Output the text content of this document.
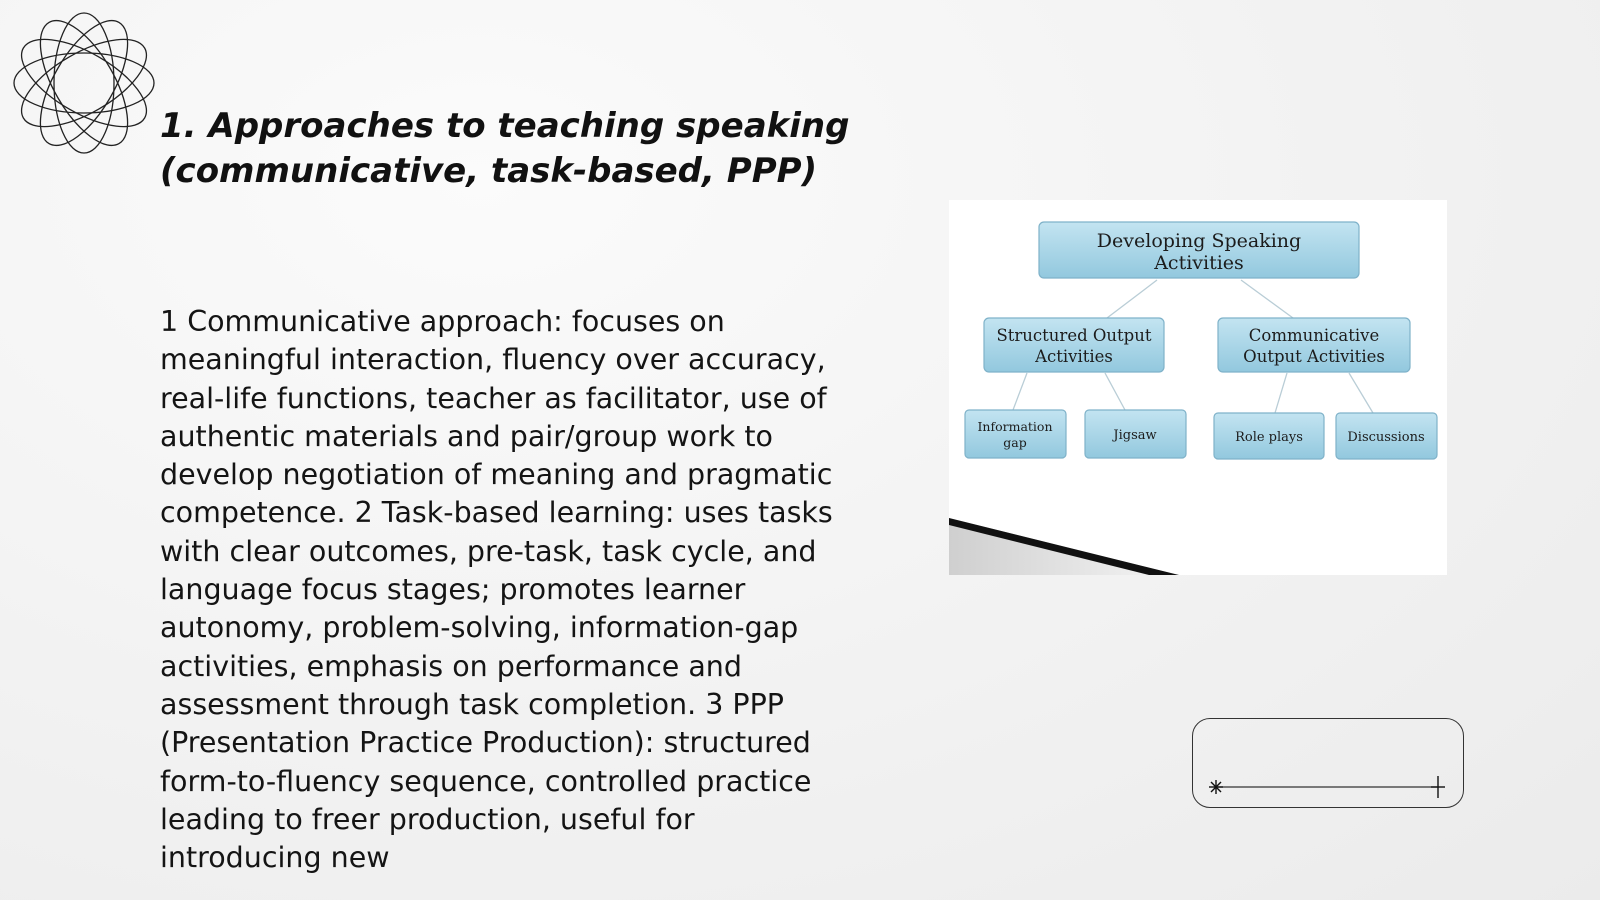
1. Approaches to teaching speaking
(communicative, task-based, PPP)

1 Communicative approach: focuses on meaningful interaction, fluency over accuracy, real-life functions, teacher as facilitator, use of authentic materials and pair/group work to develop negotiation of meaning and pragmatic competence. 2 Task-based learning: uses tasks with clear outcomes, pre-task, task cycle, and language focus stages; promotes learner autonomy, problem-solving, information-gap activities, emphasis on performance and assessment through task completion. 3 PPP (Presentation Practice Production): structured form-to-fluency sequence, controlled practice leading to freer production, useful for introducing new

Developing Speaking
Activities
Structured Output
Activities
Communicative
Output Activities
Information
gap	Jigsaw	Role plays	Discussions
